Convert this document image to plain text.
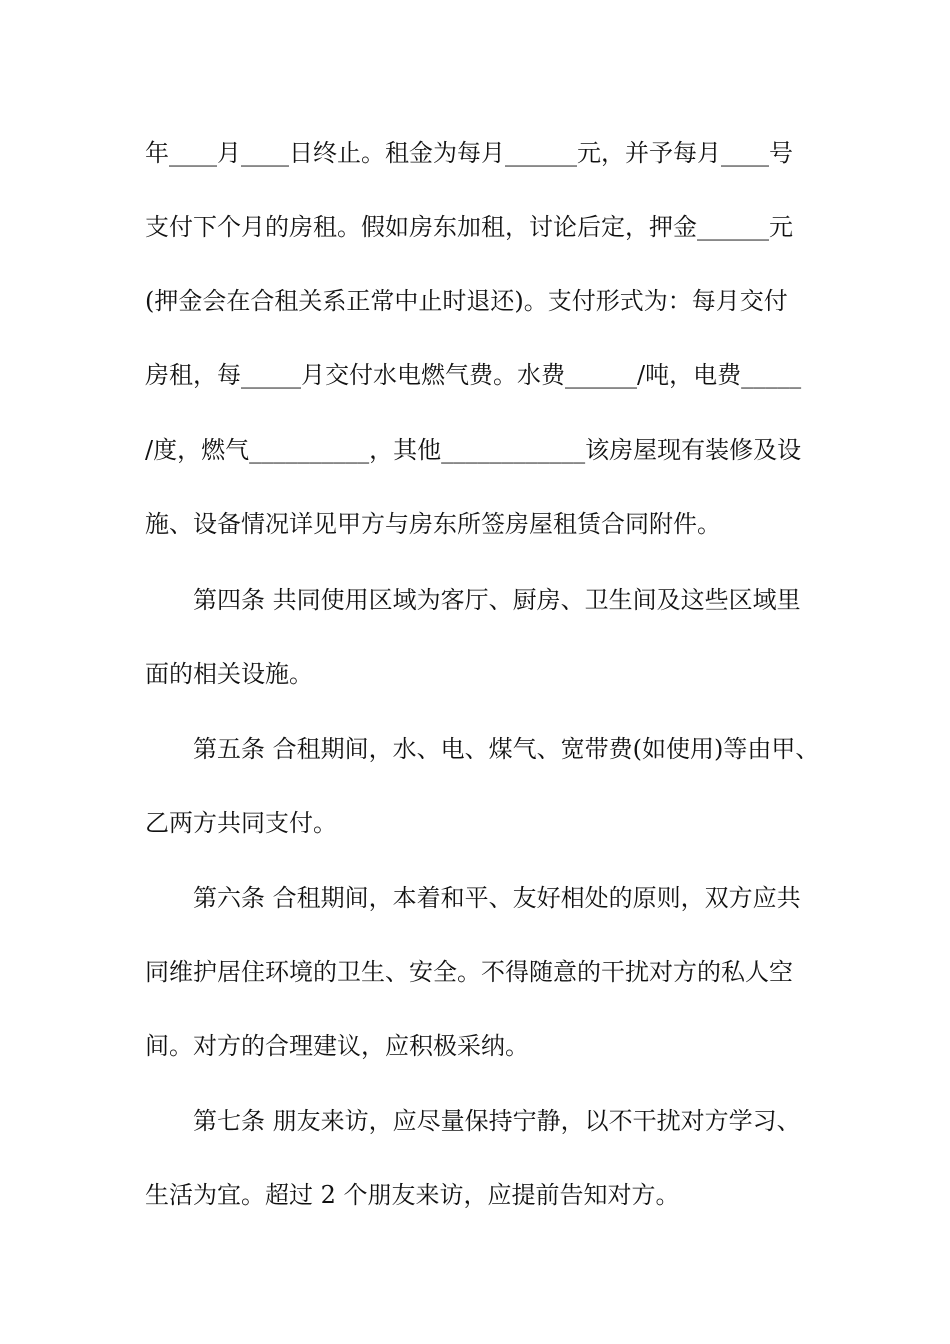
年____月____日终止。租金为每月______元，并予每月____号
支付下个月的房租。假如房东加租，讨论后定，押金______元
(押金会在合租关系正常中止时退还)。支付形式为：每月交付
房租，每_____月交付水电燃气费。水费______/吨，电费_____
/度，燃气__________，其他____________该房屋现有装修及设
施、设备情况详见甲方与房东所签房屋租赁合同附件。
第四条 共同使用区域为客厅、厨房、卫生间及这些区域里
面的相关设施。
第五条 合租期间，水、电、煤气、宽带费(如使用)等由甲、
乙两方共同支付。
第六条 合租期间，本着和平、友好相处的原则，双方应共
同维护居住环境的卫生、安全。不得随意的干扰对方的私人空
间。对方的合理建议，应积极采纳。
第七条 朋友来访，应尽量保持宁静，以不干扰对方学习、
生活为宜。超过 2 个朋友来访，应提前告知对方。
